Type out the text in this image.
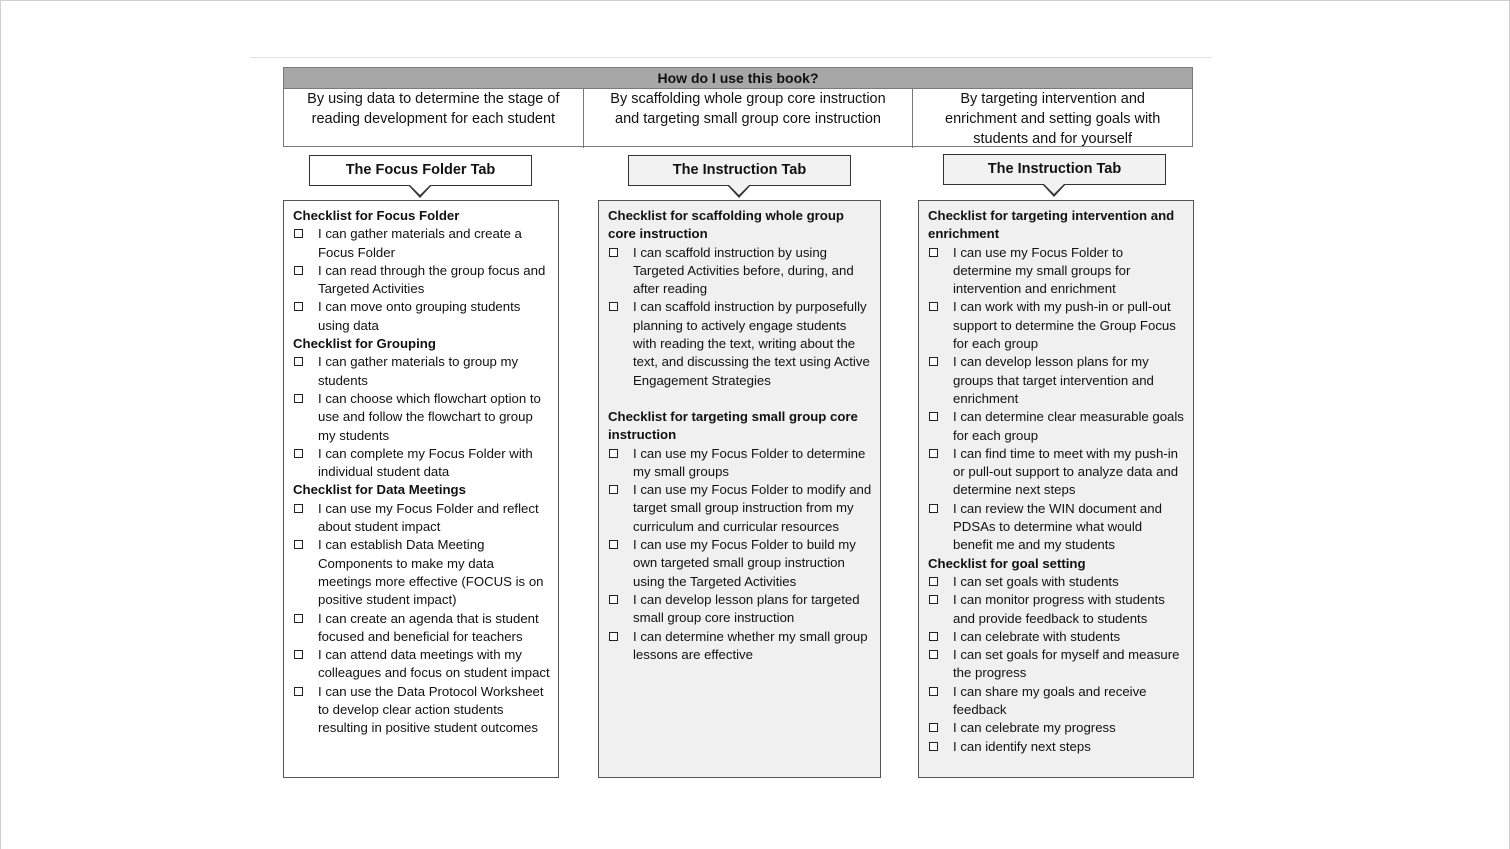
How do I use this book?
By using data to determine the stage of
reading development for each student
By scaffolding whole group core instruction
and targeting small group core instruction
By targeting intervention and
enrichment and setting goals with
students and for yourself
The Focus Folder Tab	The Instruction Tab	The Instruction Tab
Checklist for Focus Folder
I can gather materials and create a Focus Folder
I can read through the group focus and Targeted Activities
I can move onto grouping students using data
Checklist for Grouping
I can gather materials to group my students
I can choose which flowchart option to use and follow the flowchart to group my students
I can complete my Focus Folder with individual student data
Checklist for Data Meetings
I can use my Focus Folder and reflect about student impact
I can establish Data Meeting Components to make my data meetings more effective (FOCUS is on positive student impact)
I can create an agenda that is student focused and beneficial for teachers
I can attend data meetings with my colleagues and focus on student impact
I can use the Data Protocol Worksheet to develop clear action students resulting in positive student outcomes
Checklist for scaffolding whole group core instruction
I can scaffold instruction by using Targeted Activities before, during, and after reading
I can scaffold instruction by purposefully planning to actively engage students with reading the text, writing about the text, and discussing the text using Active Engagement Strategies
Checklist for targeting small group core instruction
I can use my Focus Folder to determine my small groups
I can use my Focus Folder to modify and target small group instruction from my curriculum and curricular resources
I can use my Focus Folder to build my own targeted small group instruction using the Targeted Activities
I can develop lesson plans for targeted small group core instruction
I can determine whether my small group lessons are effective
Checklist for targeting intervention and enrichment
I can use my Focus Folder to determine my small groups for intervention and enrichment
I can work with my push-in or pull-out support to determine the Group Focus for each group
I can develop lesson plans for my groups that target intervention and enrichment
I can determine clear measurable goals for each group
I can find time to meet with my push-in or pull-out support to analyze data and determine next steps
I can review the WIN document and PDSAs to determine what would benefit me and my students
Checklist for goal setting
I can set goals with students
I can monitor progress with students and provide feedback to students
I can celebrate with students
I can set goals for myself and measure the progress
I can share my goals and receive feedback
I can celebrate my progress
I can identify next steps
